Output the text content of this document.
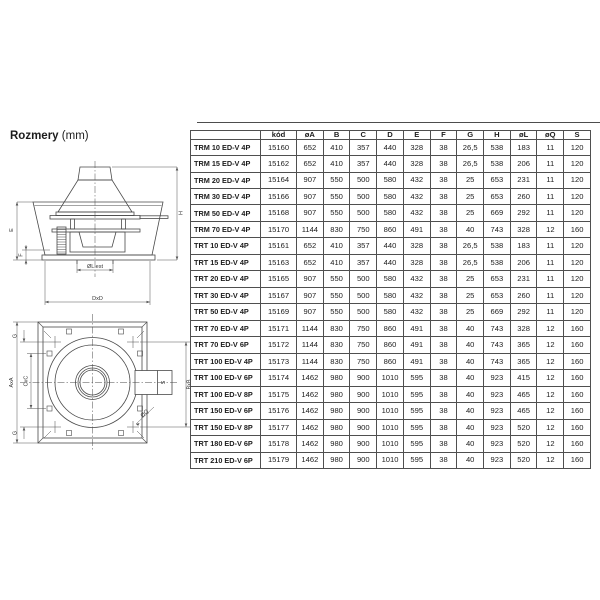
Rozmery (mm)
E
F
H
ØL est
DxD
AxA CxC	BxB
G
G
S
ØQ
	kód	øA	B	C	D	E	F	G	H	øL	øQ	S
TRM 10 ED-V 4P	15160	652	410	357	440	328	38	26,5	538	183	11	120
TRM 15 ED-V 4P	15162	652	410	357	440	328	38	26,5	538	206	11	120
TRM 20 ED-V 4P	15164	907	550	500	580	432	38	25	653	231	11	120
TRM 30 ED-V 4P	15166	907	550	500	580	432	38	25	653	260	11	120
TRM 50 ED-V 4P	15168	907	550	500	580	432	38	25	669	292	11	120
TRM 70 ED-V 4P	15170	1144	830	750	860	491	38	40	743	328	12	160
TRT 10 ED-V 4P	15161	652	410	357	440	328	38	26,5	538	183	11	120
TRT 15 ED-V 4P	15163	652	410	357	440	328	38	26,5	538	206	11	120
TRT 20 ED-V 4P	15165	907	550	500	580	432	38	25	653	231	11	120
TRT 30 ED-V 4P	15167	907	550	500	580	432	38	25	653	260	11	120
TRT 50 ED-V 4P	15169	907	550	500	580	432	38	25	669	292	11	120
TRT 70 ED-V 4P	15171	1144	830	750	860	491	38	40	743	328	12	160
TRT 70 ED-V 6P	15172	1144	830	750	860	491	38	40	743	365	12	160
TRT 100 ED-V 4P	15173	1144	830	750	860	491	38	40	743	365	12	160
TRT 100 ED-V 6P	15174	1462	980	900	1010	595	38	40	923	415	12	160
TRT 100 ED-V 8P	15175	1462	980	900	1010	595	38	40	923	465	12	160
TRT 150 ED-V 6P	15176	1462	980	900	1010	595	38	40	923	465	12	160
TRT 150 ED-V 8P	15177	1462	980	900	1010	595	38	40	923	520	12	160
TRT 180 ED-V 6P	15178	1462	980	900	1010	595	38	40	923	520	12	160
TRT 210 ED-V 6P	15179	1462	980	900	1010	595	38	40	923	520	12	160
